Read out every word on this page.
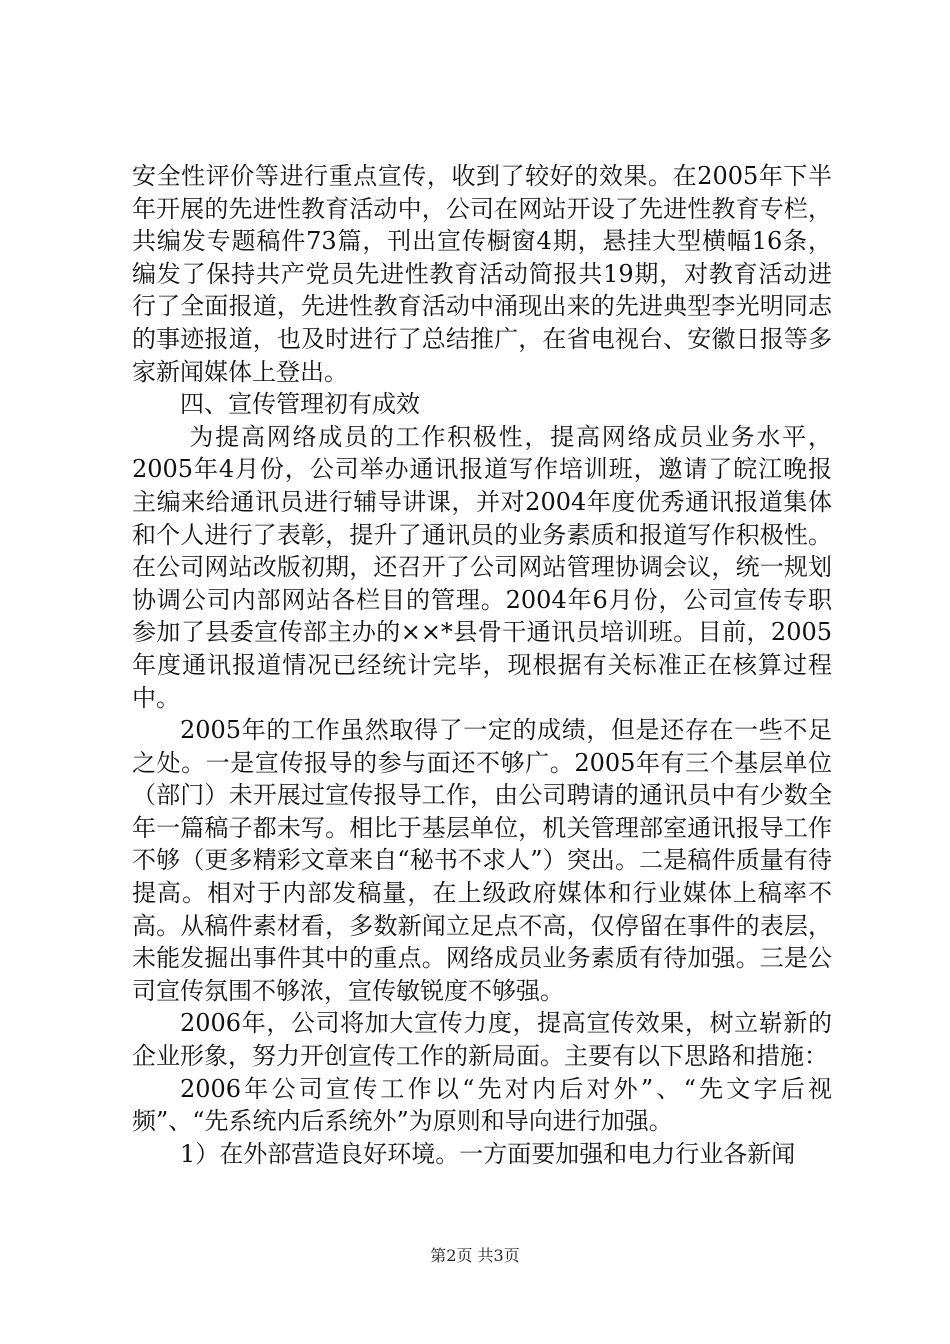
安全性评价等进行重点宣传，收到了较好的效果。在2005年下半年开展的先进性教育活动中，公司在网站开设了先进性教育专栏，共编发专题稿件73篇，刊出宣传橱窗4期，悬挂大型横幅16条，编发了保持共产党员先进性教育活动简报共19期，对教育活动进行了全面报道，先进性教育活动中涌现出来的先进典型李光明同志的事迹报道，也及时进行了总结推广，在省电视台、安徽日报等多家新闻媒体上登出。

四、宣传管理初有成效

为提高网络成员的工作积极性，提高网络成员业务水平，2005年4月份，公司举办通讯报道写作培训班，邀请了皖江晚报主编来给通讯员进行辅导讲课，并对2004年度优秀通讯报道集体和个人进行了表彰，提升了通讯员的业务素质和报道写作积极性。在公司网站改版初期，还召开了公司网站管理协调会议，统一规划协调公司内部网站各栏目的管理。2004年6月份，公司宣传专职参加了县委宣传部主办的××*县骨干通讯员培训班。目前，2005年度通讯报道情况已经统计完毕，现根据有关标准正在核算过程中。

2005年的工作虽然取得了一定的成绩，但是还存在一些不足之处。一是宣传报导的参与面还不够广。2005年有三个基层单位（部门）未开展过宣传报导工作，由公司聘请的通讯员中有少数全年一篇稿子都未写。相比于基层单位，机关管理部室通讯报导工作不够（更多精彩文章来自“秘书不求人”）突出。二是稿件质量有待提高。相对于内部发稿量，在上级政府媒体和行业媒体上稿率不高。从稿件素材看，多数新闻立足点不高，仅停留在事件的表层，未能发掘出事件其中的重点。网络成员业务素质有待加强。三是公司宣传氛围不够浓，宣传敏锐度不够强。

2006年，公司将加大宣传力度，提高宣传效果，树立崭新的企业形象，努力开创宣传工作的新局面。主要有以下思路和措施：

2006年公司宣传工作以“先对内后对外”、“先文字后视频”、“先系统内后系统外”为原则和导向进行加强。

1）在外部营造良好环境。一方面要加强和电力行业各新闻

第2页 共3页
